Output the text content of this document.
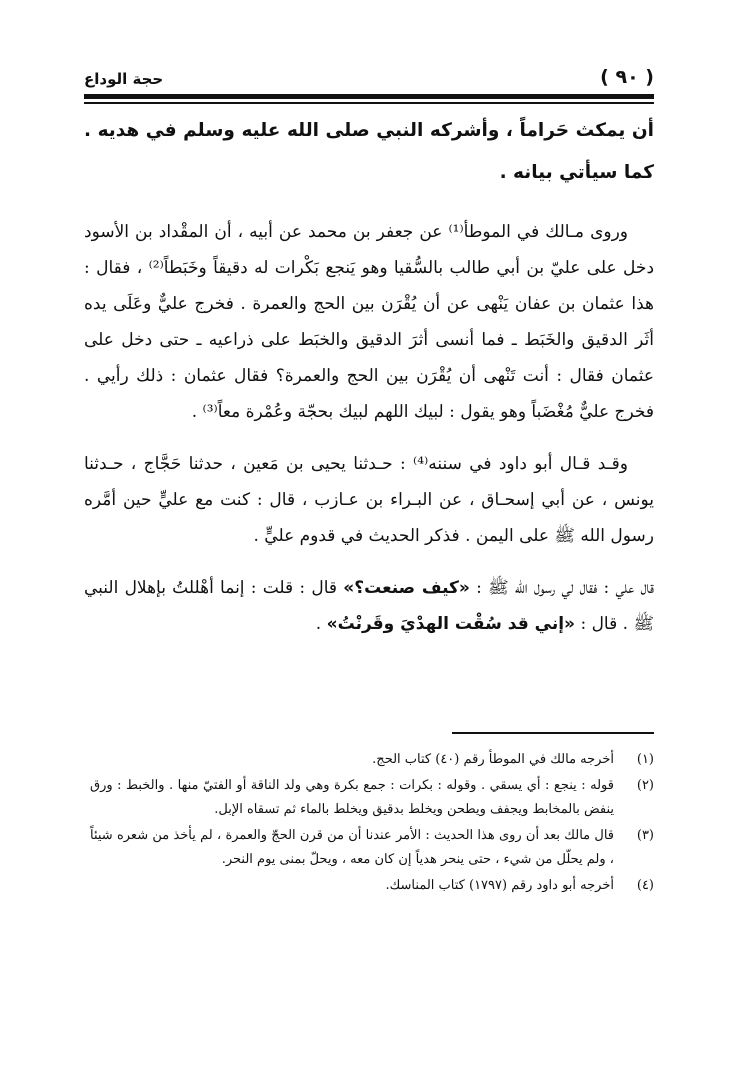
( ٩٠ )
حجة الوداع

أن يمكث حَراماً ، وأشركه النبي صلى الله عليه وسلم في هديه . كما سيأتي بيانه .

وروى مـالك في الموطأ⁽¹⁾ عن جعفر بن محمد عن أبيه ، أن المقْداد بن الأسود دخل على عليّ بن أبي طالب بالسُّقيا وهو يَنجع بَكْرات له دقيقاً وخَبَطاً⁽²⁾ ، فقال : هذا عثمان بن عفان يَنْهى عن أن يُقْرَن بين الحج والعمرة . فخرج عليٌّ وعَلَى يده أثَر الدقيق والخَبَط ـ فما أنسى أثرَ الدقيق والخبَط على ذراعيه ـ حتى دخل على عثمان فقال : أنت تَنْهى أن يُقْرَن بين الحج والعمرة؟ فقال عثمان : ذلك رأيي . فخرج عليٌّ مُغْضَباً وهو يقول : لبيك اللهم لبيك بحجّة وعُمْرة معاً⁽³⁾ .

وقـد قـال أبو داود في سننه⁽⁴⁾ : حـدثنا يحيى بن مَعين ، حدثنا حَجَّاج ، حـدثنا يونس ، عن أبي إسحـاق ، عن البـراء بن عـازب ، قال : كنت مع عليٍّ حين أمَّره رسول الله ﷺ على اليمن . فذكر الحديث في قدوم عليٍّ .

قال علي : فقال لي رسول الله ﷺ : «كيف صنعت؟» قال : قلت : إنما أهْللتُ بإهلال النبي ﷺ . قال : «إني قد سُقْت الهدْيَ وقَرنْتُ» .

(١)
أخرجه مالك في الموطأ رقم (٤٠) كتاب الحج.
(٢)
قوله : ينجع : أي يسقي . وقوله : بكرات : جمع بكرة وهي ولد الناقة أو الفتيّ منها . والخبط : ورق ينفض بالمخابط ويجفف ويطحن ويخلط بدقيق ويخلط بالماء ثم تسقاه الإبل.
(٣)
قال مالك بعد أن روى هذا الحديث : الأمر عندنا أن من قرن الحجّ والعمرة ، لم يأخذ من شعره شيئاً ، ولم يحلّل من شيء ، حتى ينحر هدياً إن كان معه ، ويحلّ بمنى يوم النحر.
(٤)
أخرجه أبو داود رقم (١٧٩٧) كتاب المناسك.
